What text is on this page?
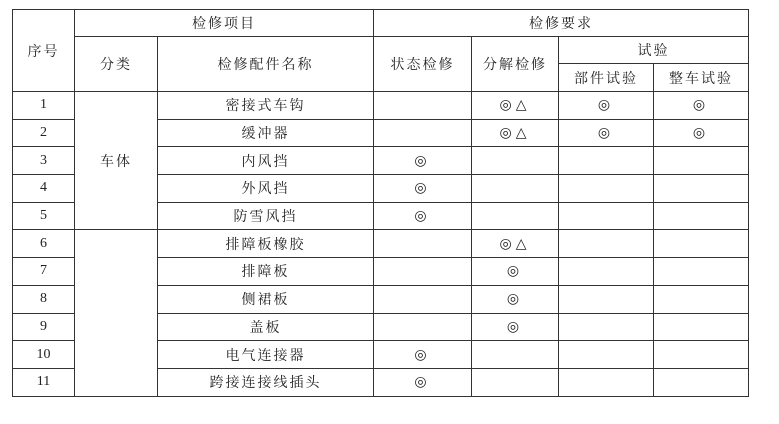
序号	检修项目		检修要求			
	分类	检修配件名称	状态检修	分解检修	试验	
					部件试验	整车试验
1	车体	密接式车钩		◎△	◎	◎
2		缓冲器		◎△	◎	◎
3		内风挡	◎			
4		外风挡	◎			
5		防雪风挡	◎			
6		排障板橡胶		◎△		
7		排障板		◎		
8		侧裙板		◎		
9		盖板		◎		
10		电气连接器	◎			
11		跨接连接线插头	◎			
